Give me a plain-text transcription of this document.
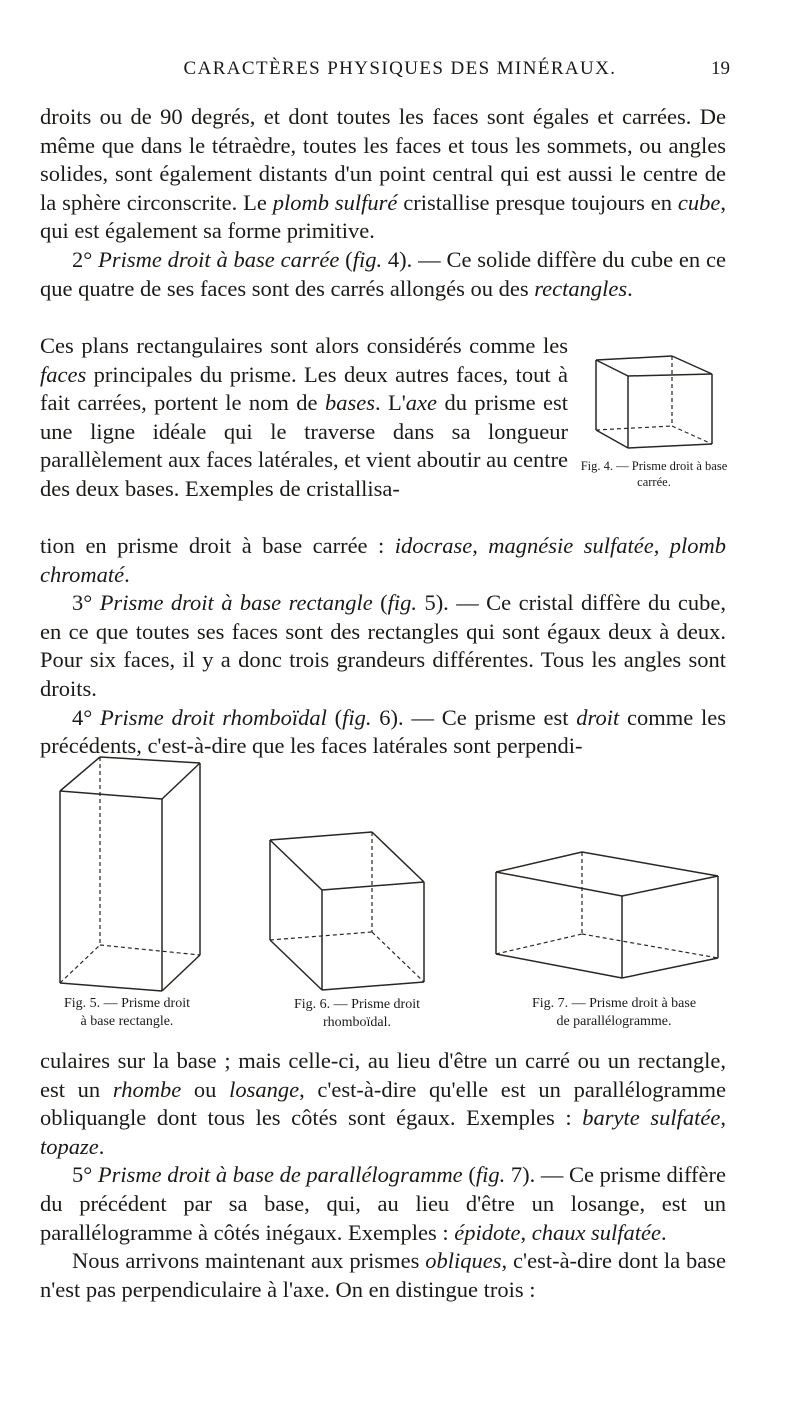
CARACTÈRES PHYSIQUES DES MINÉRAUX.	19

droits ou de 90 degrés, et dont toutes les faces sont égales et carrées. De même que dans le tétraèdre, toutes les faces et tous les sommets, ou angles solides, sont également distants d'un point central qui est aussi le centre de la sphère circonscrite. Le plomb sulfuré cristallise presque toujours en cube, qui est également sa forme primitive.

2° Prisme droit à base carrée (fig. 4). — Ce solide diffère du cube en ce que quatre de ses faces sont des carrés allongés ou des rectangles.

Ces plans rectangulaires sont alors considérés comme les faces principales du prisme. Les deux autres faces, tout à fait carrées, portent le nom de bases. L'axe du prisme est une ligne idéale qui le traverse dans sa longueur parallèlement aux faces latérales, et vient aboutir au centre des deux bases. Exemples de cristallisa-

Fig. 4. — Prisme droit à base carrée.

tion en prisme droit à base carrée : idocrase, magnésie sulfatée, plomb chromaté.

3° Prisme droit à base rectangle (fig. 5). — Ce cristal diffère du cube, en ce que toutes ses faces sont des rectangles qui sont égaux deux à deux. Pour six faces, il y a donc trois grandeurs différentes. Tous les angles sont droits.

4° Prisme droit rhomboïdal (fig. 6). — Ce prisme est droit comme les précédents, c'est-à-dire que les faces latérales sont perpendi-

Fig. 5. — Prisme droit
à base rectangle.
Fig. 6. — Prisme droit
rhomboïdal.
Fig. 7. — Prisme droit à base
de parallélogramme.

culaires sur la base ; mais celle-ci, au lieu d'être un carré ou un rectangle, est un rhombe ou losange, c'est-à-dire qu'elle est un parallélogramme obliquangle dont tous les côtés sont égaux. Exemples : baryte sulfatée, topaze.

5° Prisme droit à base de parallélogramme (fig. 7). — Ce prisme diffère du précédent par sa base, qui, au lieu d'être un losange, est un parallélogramme à côtés inégaux. Exemples : épidote, chaux sulfatée.

Nous arrivons maintenant aux prismes obliques, c'est-à-dire dont la base n'est pas perpendiculaire à l'axe. On en distingue trois :
